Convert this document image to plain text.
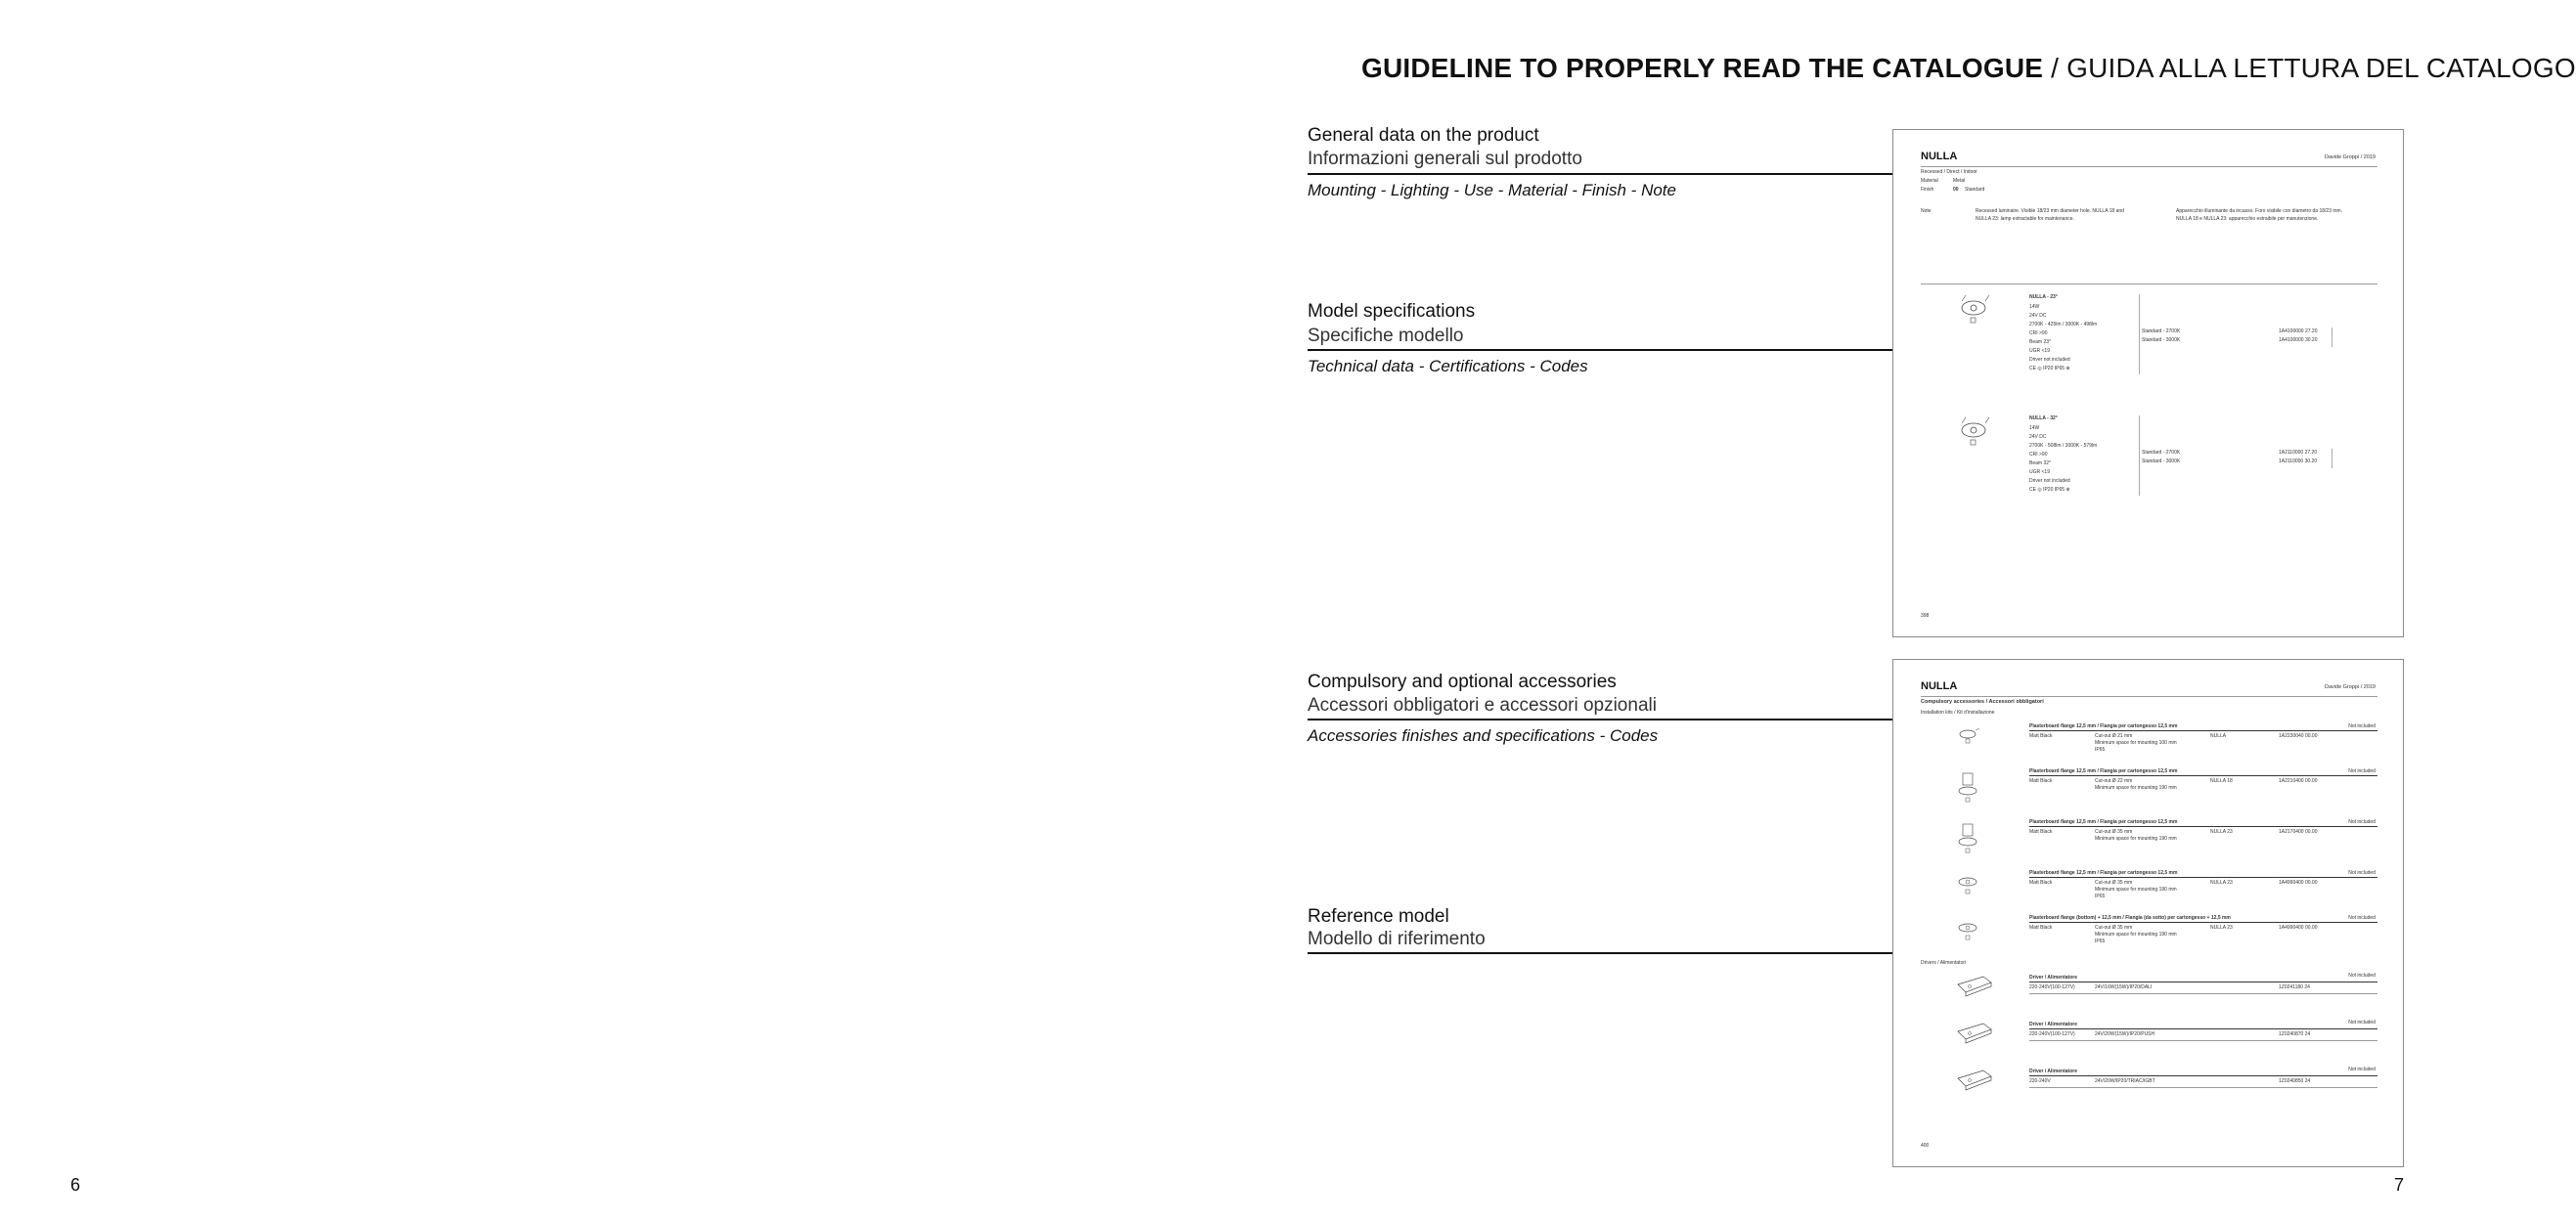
6	7
GUIDELINE TO PROPERLY READ THE CATALOGUE / GUIDA ALLA LETTURA DEL CATALOGO
General data on the product
Informazioni generali sul prodotto
Mounting - Lighting - Use - Material - Finish - Note
Model specifications
Specifiche modello
Technical data - Certifications - Codes
Compulsory and optional accessories
Accessori obbligatori e accessori opzionali
Accessories finishes and specifications - Codes
Reference model
Modello di riferimento
NULLA	Davide Groppi / 2019
Recessed / Direct / Indoor
Material	Metal
Finish	00 Standard
Note	Recessed luminaire. Visible 18/23 mm diameter hole. NULLA 18 and
NULLA 23: lamp extractable for maintenance.
Apparecchio illuminante da incasso. Foro visibile con diametro da 18/23 mm.
NULLA 18 e NULLA 23: apparecchio estraibile per manutenzione.
NULLA - 23°
14W
24V DC
2700K - 425lm / 3000K - 498lm
CRI >90
Beam 23°
UGR <19
Driver not included
CE ◎ IP20 IP65 ⊕
Standard - 2700K	1A4100000 27.20
Standard - 3000K	1A4100000 30.20
NULLA - 32°
14W
24V DC
2700K - 508lm / 3000K - 579lm
CRI >90
Beam 32°
UGR <19
Driver not included
CE ◎ IP20 IP65 ⊕
Standard - 2700K	1A2110000 27.20
Standard - 3000K	1A2110000 30.20
398
NULLA	Davide Groppi / 2019
Compulsory accessories / Accessori obbligatori
Installation kits / Kit d'installazione
Plasterboard flange 12,5 mm / Flangia per cartongesso 12,5 mm	Not included
Matt Black	Cut-out Ø 21 mm
Minimum space for mounting 100 mm
IP65
NULLA	1A2230040 00.00
Plasterboard flange 12,5 mm / Flangia per cartongesso 12,5 mm	Not included
Matt Black	Cut-out Ø 22 mm
Minimum space for mounting 190 mm
NULLA 18	1A2210400 00.00
Plasterboard flange 12,5 mm / Flangia per cartongesso 12,5 mm	Not included
Matt Black	Cut-out Ø 35 mm
Minimum space for mounting 190 mm
NULLA 23	1A2170400 00.00
Plasterboard flange 12,5 mm / Flangia per cartongesso 12,5 mm	Not included
Matt Black	Cut-out Ø 35 mm
Minimum space for mounting 190 mm
IP65
NULLA 23	1A4990400 00.00
Plasterboard flange (bottom) + 12,5 mm / Flangia (da sotto) per cartongesso + 12,5 mm	Not included
Matt Black	Cut-out Ø 35 mm
Minimum space for mounting 190 mm
IP65
NULLA 23	1A4990400 00.00
Drivers / Alimentatori
Driver / Alimentatore	Not included
220-240V(100-127V)	24V/16W(15W)/IP20/DALI	1Z0241180 24
Driver / Alimentatore	Not included
220-240V(100-127V)	24V/20W(15W)/IP20/PUSH	1Z0240870 24
Driver / Alimentatore	Not included
220-240V	24V/20W/IP20/TRIAC/IGBT	1Z0240850 24
400
